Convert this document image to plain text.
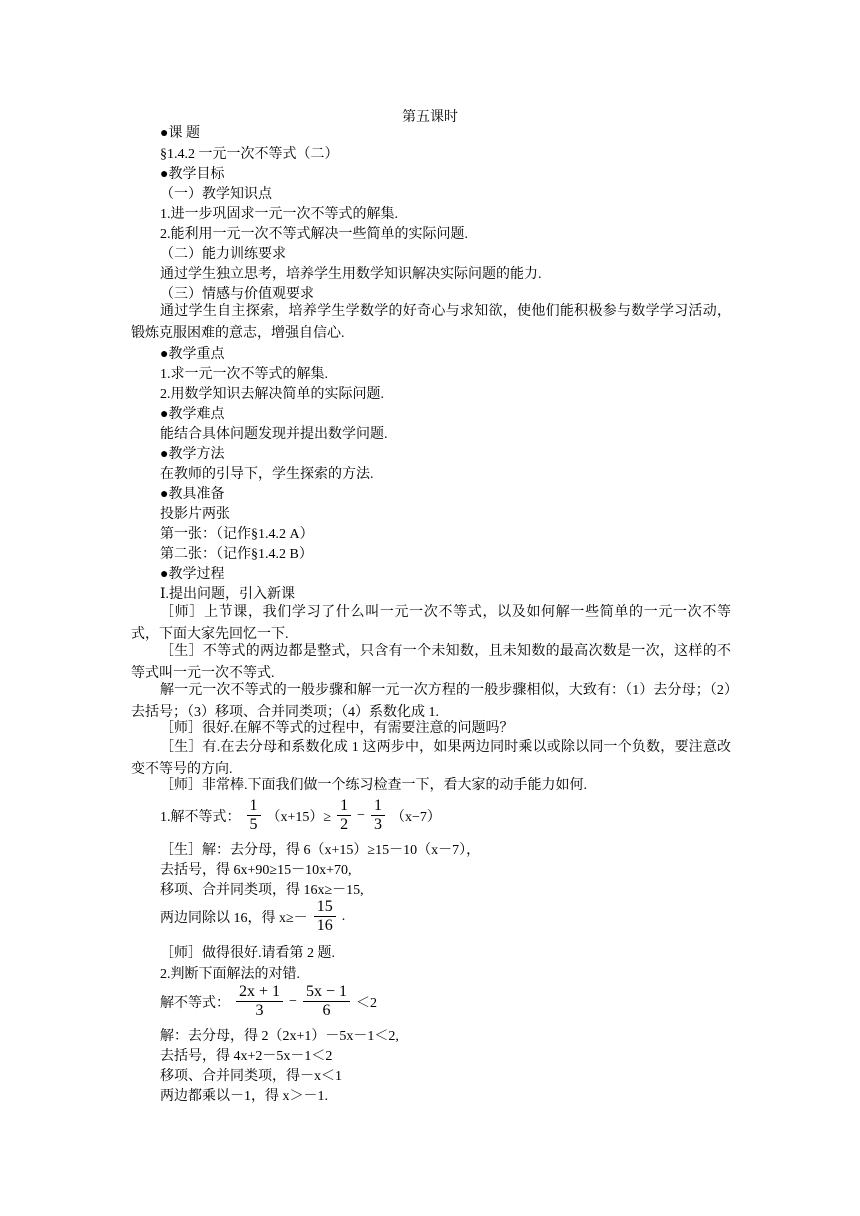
第五课时
●课 题
§1.4.2 一元一次不等式（二）
●教学目标
（一）教学知识点
1.进一步巩固求一元一次不等式的解集.
2.能利用一元一次不等式解决一些简单的实际问题.
（二）能力训练要求
通过学生独立思考，培养学生用数学知识解决实际问题的能力.
（三）情感与价值观要求
通过学生自主探索，培养学生学数学的好奇心与求知欲，使他们能积极参与数学学习活动，锻炼克服困难的意志，增强自信心.
●教学重点
1.求一元一次不等式的解集.
2.用数学知识去解决简单的实际问题.
●教学难点
能结合具体问题发现并提出数学问题.
●教学方法
在教师的引导下，学生探索的方法.
●教具准备
投影片两张
第一张：（记作§1.4.2 A）
第二张：（记作§1.4.2 B）
●教学过程
Ⅰ.提出问题，引入新课
［师］上节课，我们学习了什么叫一元一次不等式，以及如何解一些简单的一元一次不等式，下面大家先回忆一下.
［生］不等式的两边都是整式，只含有一个未知数，且未知数的最高次数是一次，这样的不等式叫一元一次不等式.
解一元一次不等式的一般步骤和解一元一次方程的一般步骤相似，大致有：（1）去分母；（2）去括号；（3）移项、合并同类项；（4）系数化成 1.
［师］很好.在解不等式的过程中，有需要注意的问题吗？
［生］有.在去分母和系数化成 1 这两步中，如果两边同时乘以或除以同一个负数，要注意改变不等号的方向.
［师］非常棒.下面我们做一个练习检查一下，看大家的动手能力如何.
1.解不等式： $\frac{1}{5} (x+15)\ge \frac{1}{2} - \frac{1}{3} (x-7)$
［生］解：去分母，得 6（x+15）≥15－10（x－7），
去括号，得 6x+90≥15－10x+70,
移项、合并同类项，得 16x≥－15,
两边同除以 16，得 $x\ge- \frac{15}{16}$ .
［师］做得很好.请看第 2 题.
2.判断下面解法的对错.
解不等式： $\frac{2x + 1}{3} - \frac{5x - 1}{6} <2$
解：去分母，得 2（2x+1）－5x－1＜2,
去括号，得 4x+2－5x－1＜2
移项、合并同类项，得－x＜1
两边都乘以－1，得 x＞－1.
